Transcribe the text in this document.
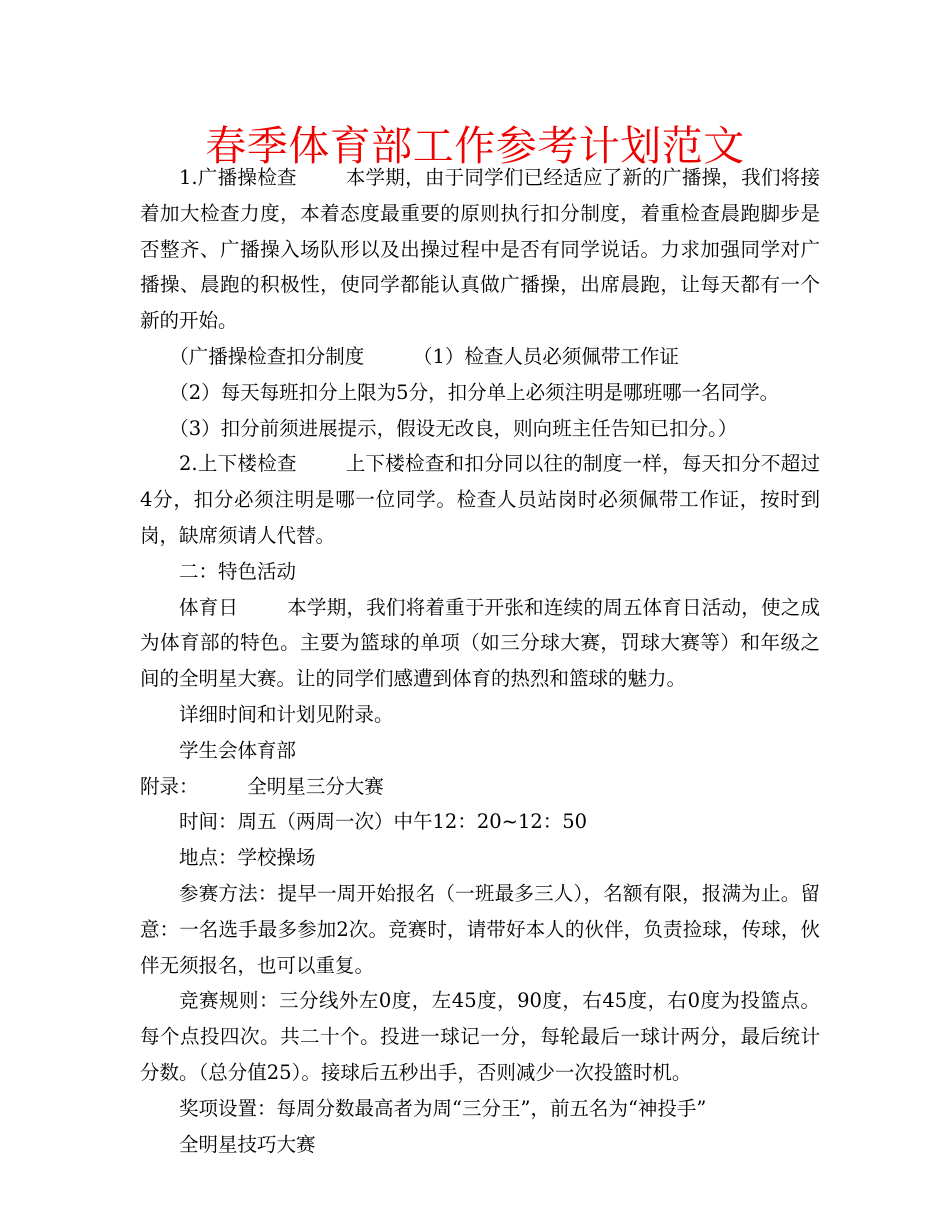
春季体育部工作参考计划范文

1.广播操检查	本学期，由于同学们已经适应了新的广播操，我们将接着加大检查力度，本着态度最重要的原则执行扣分制度，着重检查晨跑脚步是否整齐、广播操入场队形以及出操过程中是否有同学说话。力求加强同学对广播操、晨跑的积极性，使同学都能认真做广播操，出席晨跑，让每天都有一个新的开始。

（广播操检查扣分制度	（1）检查人员必须佩带工作证

（2）每天每班扣分上限为5分，扣分单上必须注明是哪班哪一名同学。

（3）扣分前须进展提示，假设无改良，则向班主任告知已扣分。）

2.上下楼检查	上下楼检查和扣分同以往的制度一样，每天扣分不超过4分，扣分必须注明是哪一位同学。检查人员站岗时必须佩带工作证，按时到岗，缺席须请人代替。

二：特色活动

体育日	本学期，我们将着重于开张和连续的周五体育日活动，使之成为体育部的特色。主要为篮球的单项（如三分球大赛，罚球大赛等）和年级之间的全明星大赛。让的同学们感遭到体育的热烈和篮球的魅力。

详细时间和计划见附录。

学生会体育部

附录：	全明星三分大赛

时间：周五（两周一次）中午12：20~12：50

地点：学校操场

参赛方法：提早一周开始报名（一班最多三人），名额有限，报满为止。留意：一名选手最多参加2次。竞赛时，请带好本人的伙伴，负责捡球，传球，伙伴无须报名，也可以重复。

竞赛规则：三分线外左0度，左45度，90度，右45度，右0度为投篮点。每个点投四次。共二十个。投进一球记一分，每轮最后一球计两分，最后统计分数。（总分值25）。接球后五秒出手，否则减少一次投篮时机。

奖项设置：每周分数最高者为周“三分王”，前五名为“神投手”

全明星技巧大赛
